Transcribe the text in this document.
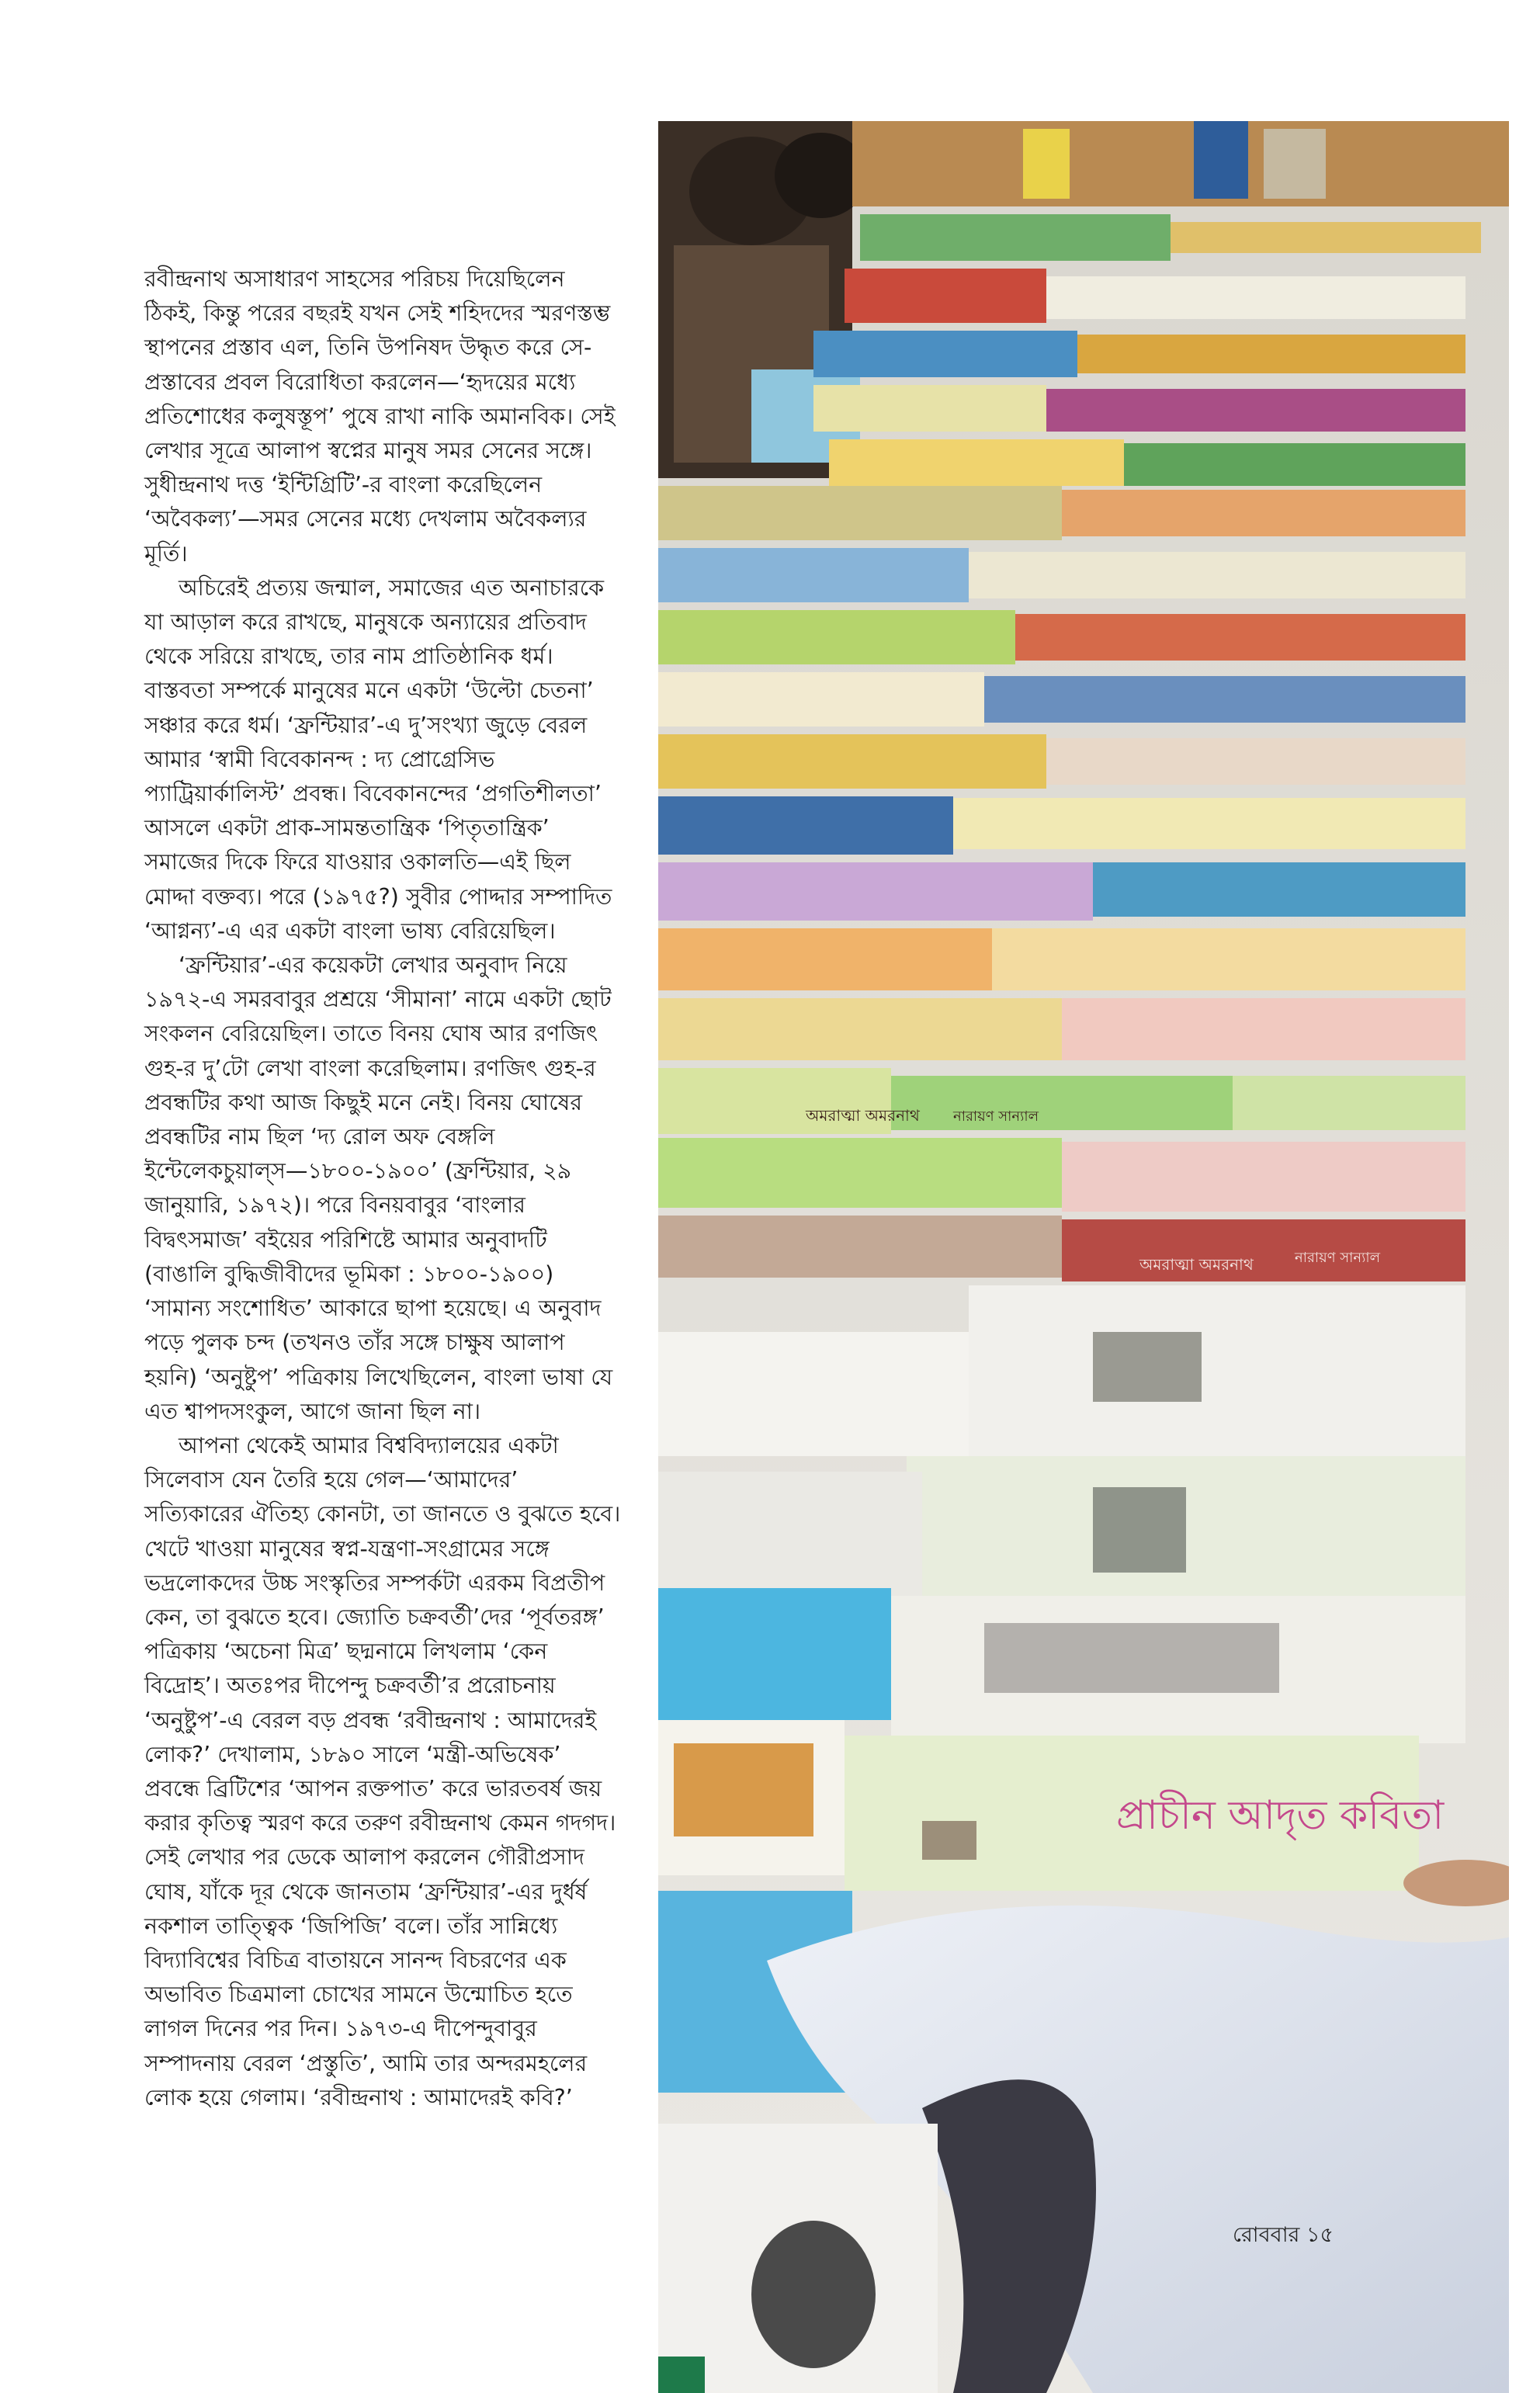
রবীন্দ্রনাথ অসাধারণ সাহসের পরিচয় দিয়েছিলেন ঠিকই, কিন্তু পরের বছরই যখন সেই শহিদদের স্মরণস্তম্ভ স্থাপনের প্রস্তাব এল, তিনি উপনিষদ উদ্ধৃত করে সে-প্রস্তাবের প্রবল বিরোধিতা করলেন—‘হৃদয়ের মধ্যে প্রতিশোধের কলুষস্তূপ’ পুষে রাখা নাকি অমানবিক। সেই লেখার সূত্রে আলাপ স্বপ্নের মানুষ সমর সেনের সঙ্গে। সুধীন্দ্রনাথ দত্ত ‘ইন্টিগ্রিটি’-র বাংলা করেছিলেন ‘অবৈকল্য’—সমর সেনের মধ্যে দেখলাম অবৈকল্যর মূর্তি।

অচিরেই প্রত্যয় জন্মাল, সমাজের এত অনাচারকে যা আড়াল করে রাখছে, মানুষকে অন্যায়ের প্রতিবাদ থেকে সরিয়ে রাখছে, তার নাম প্রাতিষ্ঠানিক ধর্ম। বাস্তবতা সম্পর্কে মানুষের মনে একটা ‘উল্টো চেতনা’ সঞ্চার করে ধর্ম। ‘ফ্রন্টিয়ার’-এ দু’সংখ্যা জুড়ে বেরল আমার ‘স্বামী বিবেকানন্দ : দ্য প্রোগ্রেসিভ প্যাট্রিয়ার্কালিস্ট’ প্রবন্ধ। বিবেকানন্দের ‘প্রগতিশীলতা’ আসলে একটা প্রাক-সামন্ততান্ত্রিক ‘পিতৃতান্ত্রিক’ সমাজের দিকে ফিরে যাওয়ার ওকালতি—এই ছিল মোদ্দা বক্তব্য। পরে (১৯৭৫?) সুবীর পোদ্দার সম্পাদিত ‘আগ্নন্য’-এ এর একটা বাংলা ভাষ্য বেরিয়েছিল।

‘ফ্রন্টিয়ার’-এর কয়েকটা লেখার অনুবাদ নিয়ে ১৯৭২-এ সমরবাবুর প্রশ্রয়ে ‘সীমানা’ নামে একটা ছোট সংকলন বেরিয়েছিল। তাতে বিনয় ঘোষ আর রণজিৎ গুহ-র দু’টো লেখা বাংলা করেছিলাম। রণজিৎ গুহ-র প্রবন্ধটির কথা আজ কিছুই মনে নেই। বিনয় ঘোষের প্রবন্ধটির নাম ছিল ‘দ্য রোল অফ বেঙ্গলি ইন্টেলেকচুয়াল্স—১৮০০-১৯০০’ (ফ্রন্টিয়ার, ২৯ জানুয়ারি, ১৯৭২)। পরে বিনয়বাবুর ‘বাংলার বিদ্বৎসমাজ’ বইয়ের পরিশিষ্টে আমার অনুবাদটি (বাঙালি বুদ্ধিজীবীদের ভূমিকা : ১৮০০-১৯০০) ‘সামান্য সংশোধিত’ আকারে ছাপা হয়েছে। এ অনুবাদ পড়ে পুলক চন্দ (তখনও তাঁর সঙ্গে চাক্ষুষ আলাপ হয়নি) ‘অনুষ্টুপ’ পত্রিকায় লিখেছিলেন, বাংলা ভাষা যে এত শ্বাপদসংকুল, আগে জানা ছিল না।

আপনা থেকেই আমার বিশ্ববিদ্যালয়ের একটা সিলেবাস যেন তৈরি হয়ে গেল—‘আমাদের’ সত্যিকারের ঐতিহ্য কোনটা, তা জানতে ও বুঝতে হবে। খেটে খাওয়া মানুষের স্বপ্ন-যন্ত্রণা-সংগ্রামের সঙ্গে ভদ্রলোকদের উচ্চ সংস্কৃতির সম্পর্কটা এরকম বিপ্রতীপ কেন, তা বুঝতে হবে। জ্যোতি চক্রবর্তী’দের ‘পূর্বতরঙ্গ’ পত্রিকায় ‘অচেনা মিত্র’ ছদ্মনামে লিখলাম ‘কেন বিদ্রোহ’। অতঃপর দীপেন্দু চক্রবর্তী’র প্ররোচনায় ‘অনুষ্টুপ’-এ বেরল বড় প্রবন্ধ ‘রবীন্দ্রনাথ : আমাদেরই লোক?’ দেখালাম, ১৮৯০ সালে ‘মন্ত্রী-অভিষেক’ প্রবন্ধে ব্রিটিশের ‘আপন রক্তপাত’ করে ভারতবর্ষ জয় করার কৃতিত্ব স্মরণ করে তরুণ রবীন্দ্রনাথ কেমন গদগদ। সেই লেখার পর ডেকে আলাপ করলেন গৌরীপ্রসাদ ঘোষ, যাঁকে দূর থেকে জানতাম ‘ফ্রন্টিয়ার’-এর দুর্ধর্ষ নকশাল তাত্ত্বিক ‘জিপিজি’ বলে। তাঁর সান্নিধ্যে বিদ্যাবিশ্বের বিচিত্র বাতায়নে সানন্দ বিচরণের এক অভাবিত চিত্রমালা চোখের সামনে উন্মোচিত হতে লাগল দিনের পর দিন। ১৯৭৩-এ দীপেন্দুবাবুর সম্পাদনায় বেরল ‘প্রস্তুতি’, আমি তার অন্দরমহলের লোক হয়ে গেলাম। ‘রবীন্দ্রনাথ : আমাদেরই কবি?’

অমরাত্মা অমরনাথ নারায়ণ সান্যাল
অমরাত্মা অমরনাথ	নারায়ণ সান্যাল
প্রাচীন আদৃত কবিতা
রোববার ১৫
